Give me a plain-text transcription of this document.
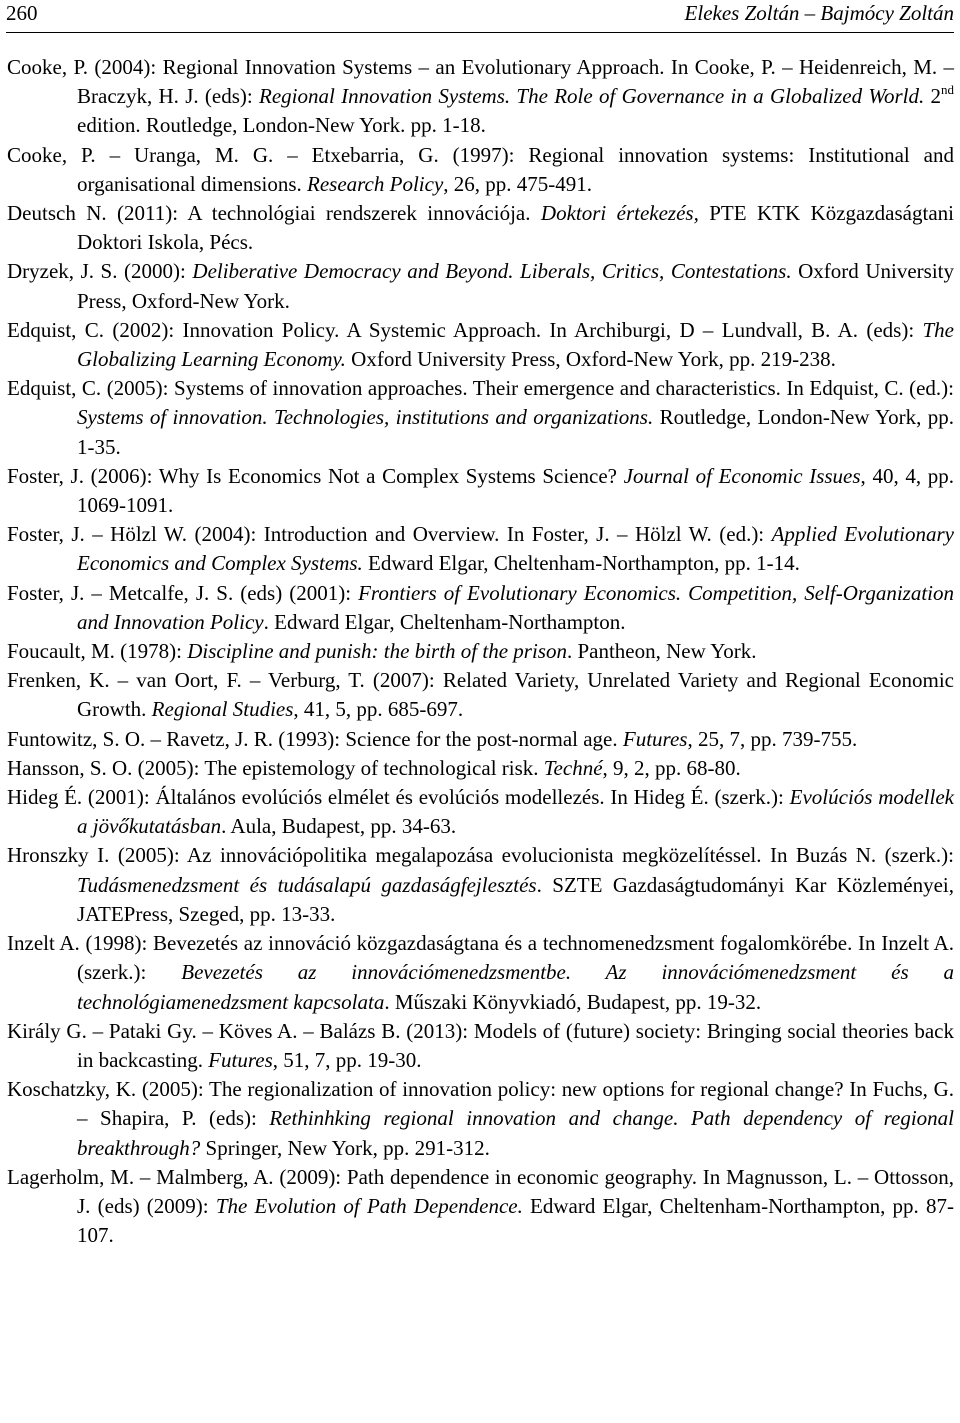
260	Elekes Zoltán – Bajmócy Zoltán

Cooke, P. (2004): Regional Innovation Systems – an Evolutionary Approach. In Cooke, P. – Heidenreich, M. – Braczyk, H. J. (eds): Regional Innovation Systems. The Role of Governance in a Globalized World. 2nd edition. Routledge, London-New York. pp. 1-18.

Cooke, P. – Uranga, M. G. – Etxebarria, G. (1997): Regional innovation systems: Institutional and organisational dimensions. Research Policy, 26, pp. 475-491.

Deutsch N. (2011): A technológiai rendszerek innovációja. Doktori értekezés, PTE KTK Közgazdaságtani Doktori Iskola, Pécs.

Dryzek, J. S. (2000): Deliberative Democracy and Beyond. Liberals, Critics, Contestations. Oxford University Press, Oxford-New York.

Edquist, C. (2002): Innovation Policy. A Systemic Approach. In Archiburgi, D – Lundvall, B. A. (eds): The Globalizing Learning Economy. Oxford University Press, Oxford-New York, pp. 219-238.

Edquist, C. (2005): Systems of innovation approaches. Their emergence and characteristics. In Edquist, C. (ed.): Systems of innovation. Technologies, institutions and organizations. Routledge, London-New York, pp. 1-35.

Foster, J. (2006): Why Is Economics Not a Complex Systems Science? Journal of Economic Issues, 40, 4, pp. 1069-1091.

Foster, J. – Hölzl W. (2004): Introduction and Overview. In Foster, J. – Hölzl W. (ed.): Applied Evolutionary Economics and Complex Systems. Edward Elgar, Cheltenham-Northampton, pp. 1-14.

Foster, J. – Metcalfe, J. S. (eds) (2001): Frontiers of Evolutionary Economics. Competition, Self-Organization and Innovation Policy. Edward Elgar, Cheltenham-Northampton.

Foucault, M. (1978): Discipline and punish: the birth of the prison. Pantheon, New York.

Frenken, K. – van Oort, F. – Verburg, T. (2007): Related Variety, Unrelated Variety and Regional Economic Growth. Regional Studies, 41, 5, pp. 685-697.

Funtowitz, S. O. – Ravetz, J. R. (1993): Science for the post-normal age. Futures, 25, 7, pp. 739-755.

Hansson, S. O. (2005): The epistemology of technological risk. Techné, 9, 2, pp. 68-80.

Hideg É. (2001): Általános evolúciós elmélet és evolúciós modellezés. In Hideg É. (szerk.): Evolúciós modellek a jövőkutatásban. Aula, Budapest, pp. 34-63.

Hronszky I. (2005): Az innovációpolitika megalapozása evolucionista megközelítéssel. In Buzás N. (szerk.): Tudásmenedzsment és tudásalapú gazdaságfejlesztés. SZTE Gazdaságtudományi Kar Közleményei, JATEPress, Szeged, pp. 13-33.

Inzelt A. (1998): Bevezetés az innováció közgazdaságtana és a technomenedzsment fogalomkörébe. In Inzelt A. (szerk.): Bevezetés az innovációmenedzsmentbe. Az innovációmenedzsment és a technológiamenedzsment kapcsolata. Műszaki Könyvkiadó, Budapest, pp. 19-32.

Király G. – Pataki Gy. – Köves A. – Balázs B. (2013): Models of (future) society: Bringing social theories back in backcasting. Futures, 51, 7, pp. 19-30.

Koschatzky, K. (2005): The regionalization of innovation policy: new options for regional change? In Fuchs, G. – Shapira, P. (eds): Rethinhking regional innovation and change. Path dependency of regional breakthrough? Springer, New York, pp. 291-312.

Lagerholm, M. – Malmberg, A. (2009): Path dependence in economic geography. In Magnusson, L. – Ottosson, J. (eds) (2009): The Evolution of Path Dependence. Edward Elgar, Cheltenham-Northampton, pp. 87-107.
